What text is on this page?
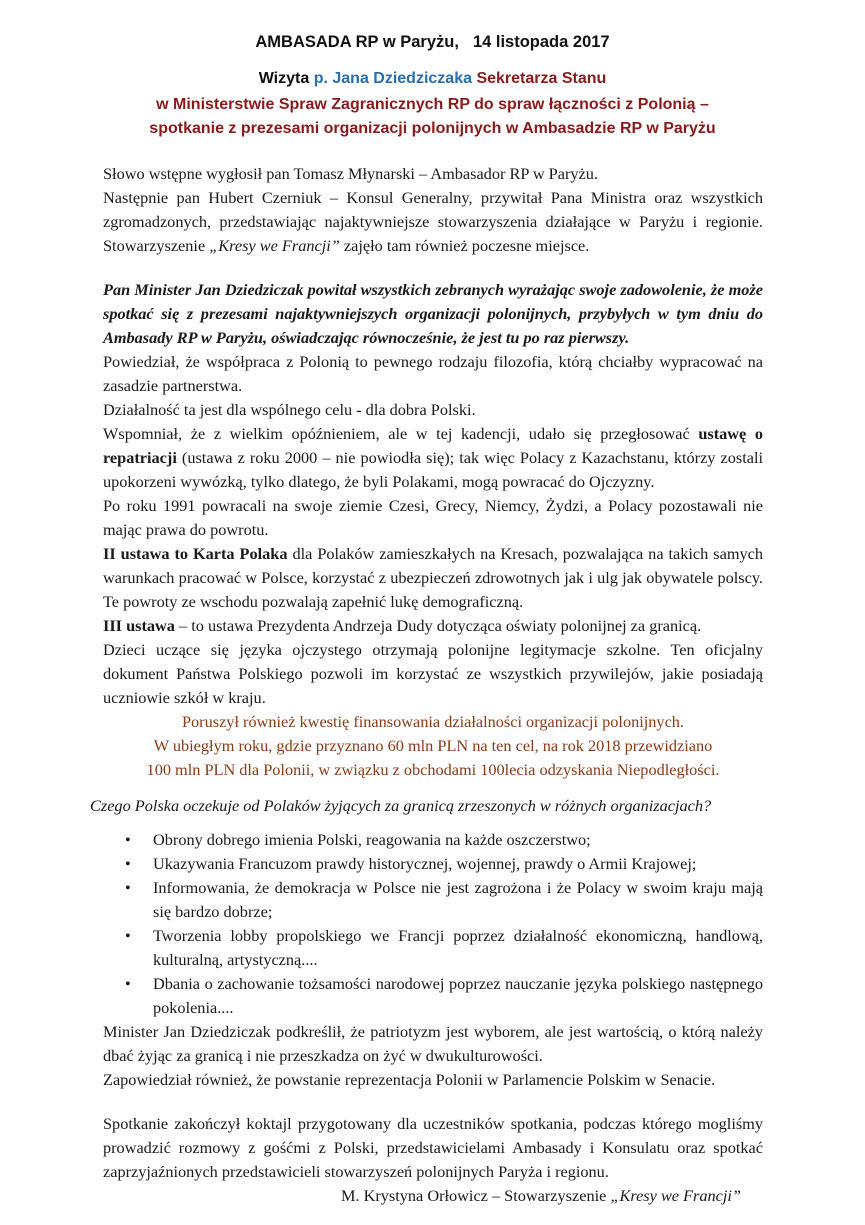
AMBASADA RP w Paryżu, 14 listopada 2017
Wizyta p. Jana Dziedziczaka Sekretarza Stanu
w Ministerstwie Spraw Zagranicznych RP do spraw łączności z Polonią –
spotkanie z prezesami organizacji polonijnych w Ambasadzie RP w Paryżu

Słowo wstępne wygłosił pan Tomasz Młynarski – Ambasador RP w Paryżu.

Następnie pan Hubert Czerniuk – Konsul Generalny, przywitał Pana Ministra oraz wszystkich zgromadzonych, przedstawiając najaktywniejsze stowarzyszenia działające w Paryżu i regionie. Stowarzyszenie „Kresy we Francji” zajęło tam również poczesne miejsce.

Pan Minister Jan Dziedziczak powitał wszystkich zebranych wyrażając swoje zadowolenie, że może spotkać się z prezesami najaktywniejszych organizacji polonijnych, przybyłych w tym dniu do Ambasady RP w Paryżu, oświadczając równocześnie, że jest tu po raz pierwszy.

Powiedział, że współpraca z Polonią to pewnego rodzaju filozofia, którą chciałby wypracować na zasadzie partnerstwa.

Działalność ta jest dla wspólnego celu - dla dobra Polski.

Wspomniał, że z wielkim opóźnieniem, ale w tej kadencji, udało się przegłosować ustawę o repatriacji (ustawa z roku 2000 – nie powiodła się); tak więc Polacy z Kazachstanu, którzy zostali upokorzeni wywózką, tylko dlatego, że byli Polakami, mogą powracać do Ojczyzny.

Po roku 1991 powracali na swoje ziemie Czesi, Grecy, Niemcy, Żydzi, a Polacy pozostawali nie mając prawa do powrotu.

II ustawa to Karta Polaka dla Polaków zamieszkałych na Kresach, pozwalająca na takich samych warunkach pracować w Polsce, korzystać z ubezpieczeń zdrowotnych jak i ulg jak obywatele polscy. Te powroty ze wschodu pozwalają zapełnić lukę demograficzną.

III ustawa – to ustawa Prezydenta Andrzeja Dudy dotycząca oświaty polonijnej za granicą.

Dzieci uczące się języka ojczystego otrzymają polonijne legitymacje szkolne. Ten oficjalny dokument Państwa Polskiego pozwoli im korzystać ze wszystkich przywilejów, jakie posiadają uczniowie szkół w kraju.

Poruszył również kwestię finansowania działalności organizacji polonijnych.

W ubiegłym roku, gdzie przyznano 60 mln PLN na ten cel, na rok 2018 przewidziano

100 mln PLN dla Polonii, w związku z obchodami 100lecia odzyskania Niepodległości.

Czego Polska oczekuje od Polaków żyjących za granicą zrzeszonych w różnych organizacjach?

• Obrony dobrego imienia Polski, reagowania na każde oszczerstwo;
• Ukazywania Francuzom prawdy historycznej, wojennej, prawdy o Armii Krajowej;
• Informowania, że demokracja w Polsce nie jest zagrożona i że Polacy w swoim kraju mają się bardzo dobrze;
• Tworzenia lobby propolskiego we Francji poprzez działalność ekonomiczną, handlową, kulturalną, artystyczną....
• Dbania o zachowanie tożsamości narodowej poprzez nauczanie języka polskiego następnego pokolenia....

Minister Jan Dziedziczak podkreślił, że patriotyzm jest wyborem, ale jest wartością, o którą należy dbać żyjąc za granicą i nie przeszkadza on żyć w dwukulturowości.

Zapowiedział również, że powstanie reprezentacja Polonii w Parlamencie Polskim w Senacie.

Spotkanie zakończył koktajl przygotowany dla uczestników spotkania, podczas którego mogliśmy prowadzić rozmowy z gośćmi z Polski, przedstawicielami Ambasady i Konsulatu oraz spotkać zaprzyjaźnionych przedstawicieli stowarzyszeń polonijnych Paryża i regionu.

M. Krystyna Orłowicz – Stowarzyszenie „Kresy we Francji”
